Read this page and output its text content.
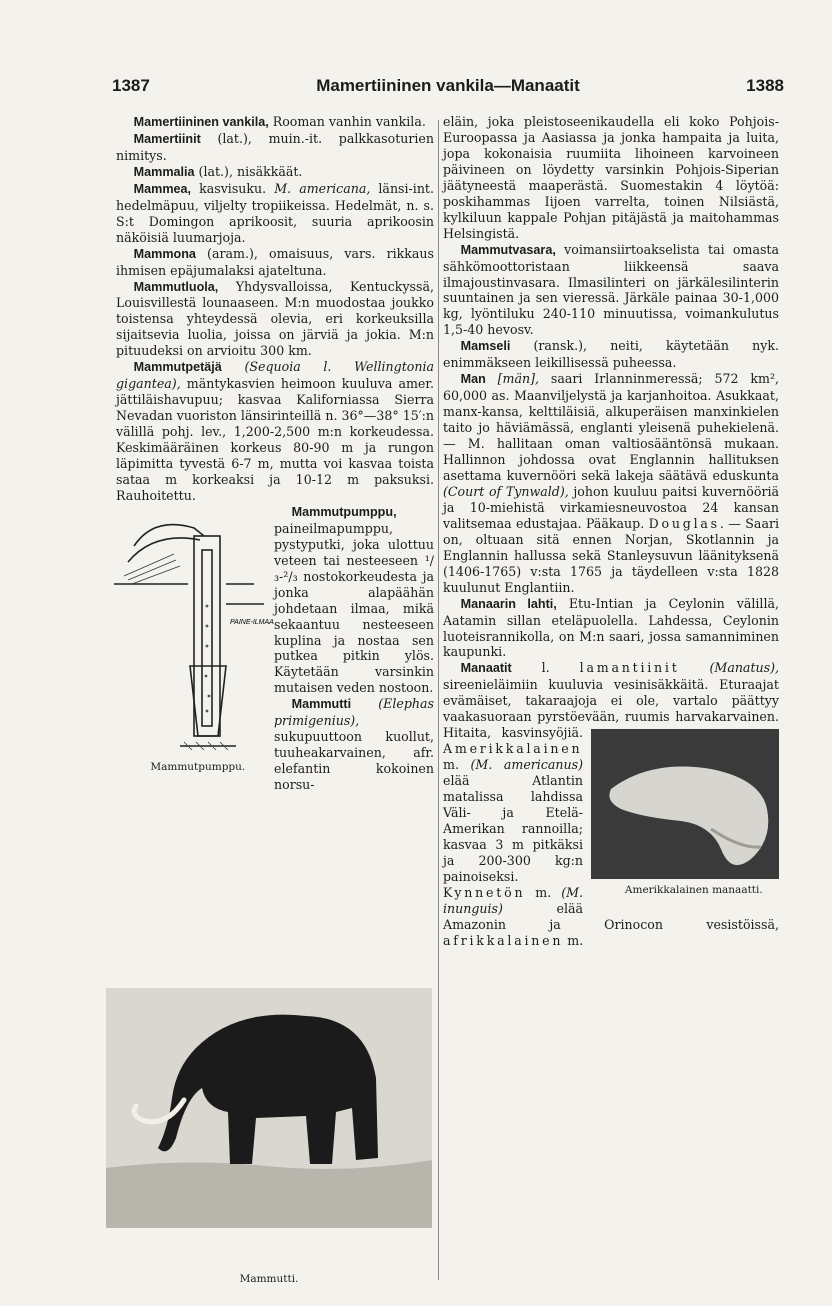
1387	Mamertiininen vankila—Manaatit	1388

Mamertiininen vankila, Rooman vanhin vankila.

Mamertiinit (lat.), muin.-it. palkkasoturien nimitys.

Mammalia (lat.), nisäkkäät.

Mammea, kasvisuku. M. americana, länsi-int. hedelmäpuu, viljelty tropiikeissa. Hedelmät, n. s. S:t Domingon aprikoosit, suuria aprikoosin näköisiä luumarjoja.

Mammona (aram.), omaisuus, vars. rikkaus ihmisen epäjumalaksi ajateltuna.

Mammutluola, Yhdysvalloissa, Kentuckyssä, Louisvillestä lounaaseen. M:n muodostaa joukko toistensa yhteydessä olevia, eri korkeuksilla sijaitsevia luolia, joissa on järviä ja jokia. M:n pituudeksi on arvioitu 300 km.

Mammutpetäjä (Sequoia l. Wellingtonia gigantea), mäntykasvien heimoon kuuluva amer. jättiläishavupuu; kasvaa Kaliforniassa Sierra Nevadan vuoriston länsirinteillä n. 36°—38° 15′:n välillä pohj. lev., 1,200-2,500 m:n korkeudessa. Keskimääräinen korkeus 80-90 m ja rungon läpimitta tyvestä 6-7 m, mutta voi kasvaa toista sataa m korkeaksi ja 10-12 m paksuksi. Rauhoitettu.

Mammutpumppu,
PAINE-ILMAA
Mammutpumppu.
paineilmapumppu, pystyputki, joka ulottuu veteen tai nesteeseen ¹/₃-²/₃ nostokorkeudesta ja jonka alapäähän johdetaan ilmaa, mikä sekaantuu nesteeseen kuplina ja nostaa sen putkea pitkin ylös. Käytetään varsinkin mutaisen veden nostoon.

Mammutti (Elephas primigenius), sukupuuttoon kuollut, tuuheakarvainen, afr. elefantin kokoinen norsu-

Mammutti.

eläin, joka pleistoseenikaudella eli koko Pohjois-Euroopassa ja Aasiassa ja jonka hampaita ja luita, jopa kokonaisia ruumiita lihoineen karvoineen päivineen on löydetty varsinkin Pohjois-Siperian jäätyneestä maaperästä. Suomestakin 4 löytöä: poskihammas Iijoen varrelta, toinen Nilsiästä, kylkiluun kappale Pohjan pitäjästä ja maitohammas Helsingistä.

Mammutvasara, voimansiirtoakselista tai omasta sähkömoottoristaan liikkeensä saava ilmajoustinvasara. Ilmasilinteri on järkälesilinterin suuntainen ja sen vieressä. Järkäle painaa 30-1,000 kg, lyöntiluku 240-110 minuutissa, voimankulutus 1,5-40 hevosv.

Mamseli (ransk.), neiti, käytetään nyk. enimmäkseen leikillisessä puheessa.

Man [män], saari Irlanninmeressä; 572 km², 60,000 as. Maanviljelystä ja karjanhoitoa. Asukkaat, manx-kansa, kelttiläisiä, alkuperäisen manxinkielen taito jo häviämässä, englanti yleisenä puhekielenä. — M. hallitaan oman valtiosääntönsä mukaan. Hallinnon johdossa ovat Englannin hallituksen asettama kuvernööri sekä lakeja säätävä eduskunta (Court of Tynwald), johon kuuluu paitsi kuvernööriä ja 10-miehistä virkamiesneuvostoa 24 kansan valitsemaa edustajaa. Pääkaup. Douglas. — Saari on, oltuaan sitä ennen Norjan, Skotlannin ja Englannin hallussa sekä Stanleysuvun läänityksenä (1406-1765) v:sta 1765 ja täydelleen v:sta 1828 kuulunut Englantiin.

Manaarin lahti, Etu-Intian ja Ceylonin välillä, Aatamin sillan eteläpuolella. Lahdessa, Ceylonin luoteisrannikolla, on M:n saari, jossa samanniminen kaupunki.

Manaatit l. lamantiinit (Manatus), sireenieläimiin kuuluvia vesinisäkkäitä. Eturaajat evämäiset, takaraajoja ei ole, vartalo päättyy vaakasuoraan pyrstöevään, ruumis harvakarvainen. Hitaita, kasvinsyöjiä.
Amerikkalainen manaatti.
Amerikkalainen m. (M. americanus) elää Atlantin matalissa lahdissa Väli- ja Etelä-Amerikan rannoilla; kasvaa 3 m pitkäksi ja 200-300 kg:n painoiseksi. Kynnetön m. (M. inunguis) elää Amazonin ja Orinocon vesistöissä, afrikkalainen m.
